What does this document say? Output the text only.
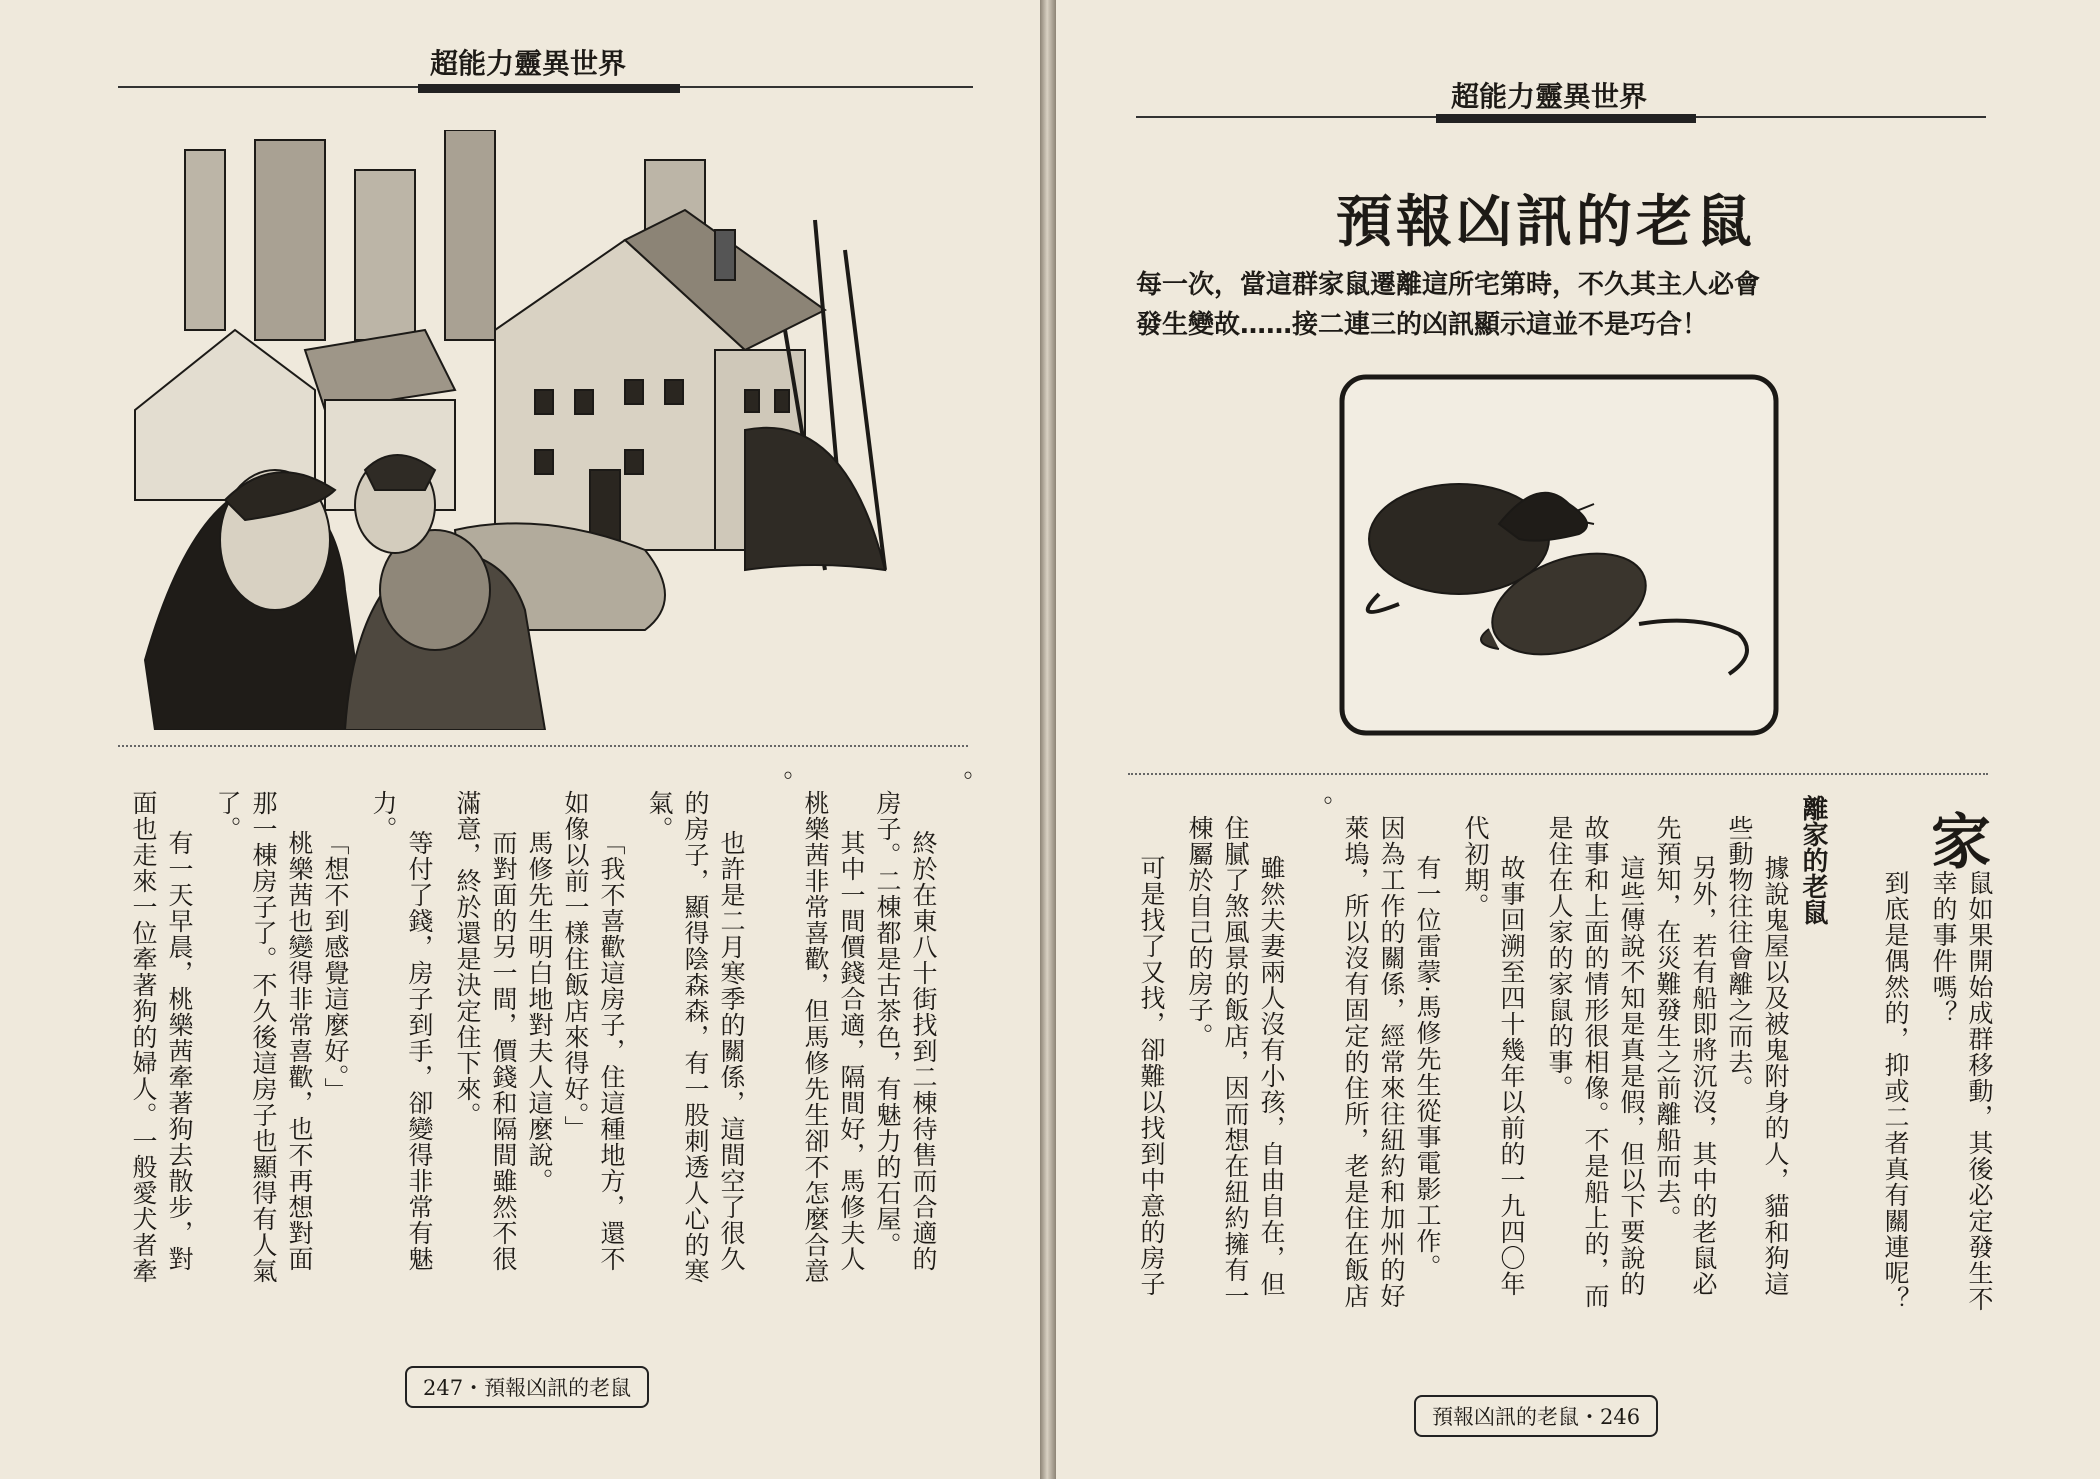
超能力靈異世界
。
終於在東八十街找到二棟待售而合適的
房子。二棟都是古茶色，有魅力的石屋。
其中一間價錢合適，隔間好，馬修夫人
桃樂茜非常喜歡，但馬修先生卻不怎麼合意
。
也許是二月寒季的關係，這間空了很久
的房子，顯得陰森森，有一股刺透人心的寒
氣。
「我不喜歡這房子，住這種地方，還不
如像以前一樣住飯店來得好。」
馬修先生明白地對夫人這麼說。
而對面的另一間，價錢和隔間雖然不很
滿意，終於還是決定住下來。
等付了錢，房子到手，卻變得非常有魅
力。
「想不到感覺這麼好。」
桃樂茜也變得非常喜歡，也不再想對面
那一棟房子了。不久後這房子也顯得有人氣
了。
有一天早晨，桃樂茜牽著狗去散步，對
面也走來一位牽著狗的婦人。一般愛犬者牽
247・預報凶訊的老鼠
超能力靈異世界
預報凶訊的老鼠
每一次，當這群家鼠遷離這所宅第時，不久其主人必會
發生變故……接二連三的凶訊顯示這並不是巧合！
家
離家的老鼠
鼠如果開始成群移動，其後必定發生不
幸的事件嗎？
到底是偶然的，抑或二者真有關連呢？
據說鬼屋以及被鬼附身的人，貓和狗這
些動物往往會離之而去。
另外，若有船即將沉沒，其中的老鼠必
先預知，在災難發生之前離船而去。
這些傳說不知是真是假，但以下要說的
故事和上面的情形很相像。不是船上的，而
是住在人家的家鼠的事。
故事回溯至四十幾年以前的一九四〇年
代初期。
有一位雷蒙·馬修先生從事電影工作。
因為工作的關係，經常來往紐約和加州的好
萊塢，所以沒有固定的住所，老是住在飯店
。
雖然夫妻兩人沒有小孩，自由自在，但
住膩了煞風景的飯店，因而想在紐約擁有一
棟屬於自己的房子。
可是找了又找，卻難以找到中意的房子
預報凶訊的老鼠・246
